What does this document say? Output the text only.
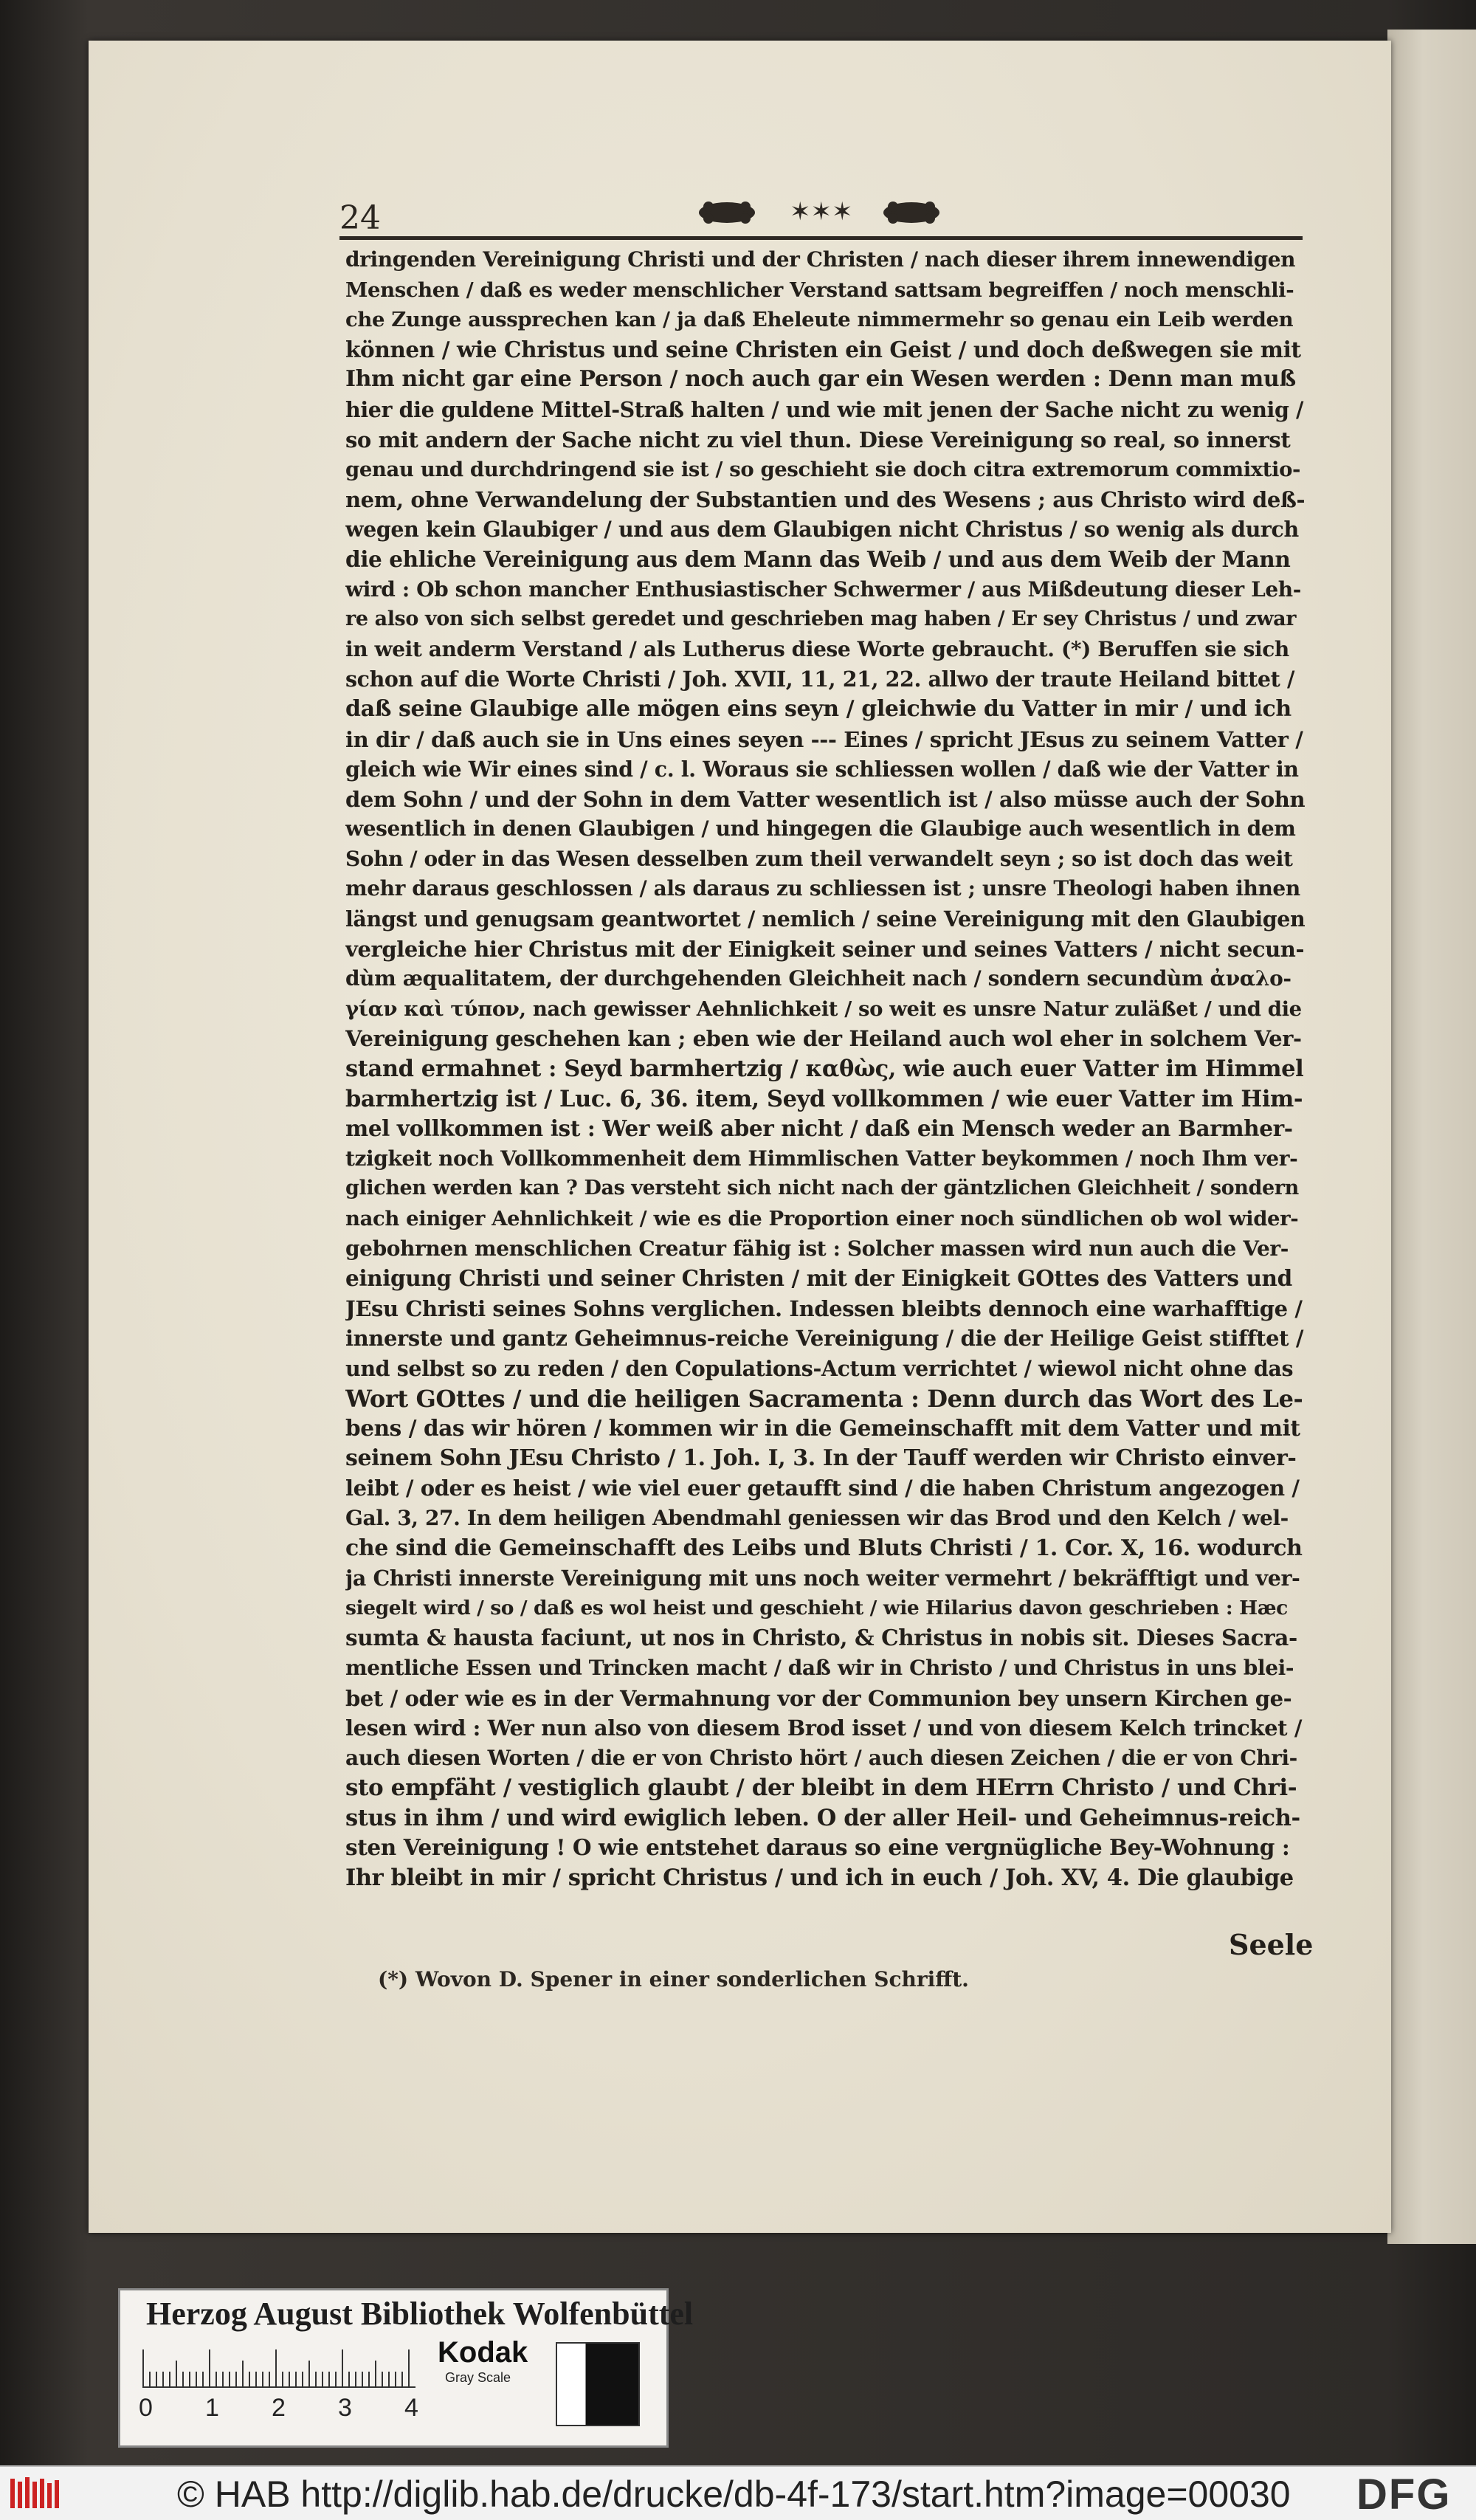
24	✶✶✶
dringenden Vereinigung Christi und der Christen / nach dieser ihrem innewendigen
Menschen / daß es weder menschlicher Verstand sattsam begreiffen / noch menschli-
che Zunge aussprechen kan / ja daß Eheleute nimmermehr so genau ein Leib werden
können / wie Christus und seine Christen ein Geist / und doch deßwegen sie mit
Ihm nicht gar eine Person / noch auch gar ein Wesen werden : Denn man muß
hier die guldene Mittel-Straß halten / und wie mit jenen der Sache nicht zu wenig /
so mit andern der Sache nicht zu viel thun. Diese Vereinigung so real, so innerst
genau und durchdringend sie ist / so geschieht sie doch citra extremorum commixtio-
nem, ohne Verwandelung der Substantien und des Wesens ; aus Christo wird deß-
wegen kein Glaubiger / und aus dem Glaubigen nicht Christus / so wenig als durch
die ehliche Vereinigung aus dem Mann das Weib / und aus dem Weib der Mann
wird : Ob schon mancher Enthusiastischer Schwermer / aus Mißdeutung dieser Leh-
re also von sich selbst geredet und geschrieben mag haben / Er sey Christus / und zwar
in weit anderm Verstand / als Lutherus diese Worte gebraucht. (*) Beruffen sie sich
schon auf die Worte Christi / Joh. XVII, 11, 21, 22. allwo der traute Heiland bittet /
daß seine Glaubige alle mögen eins seyn / gleichwie du Vatter in mir / und ich
in dir / daß auch sie in Uns eines seyen --- Eines / spricht JEsus zu seinem Vatter /
gleich wie Wir eines sind / c. l. Woraus sie schliessen wollen / daß wie der Vatter in
dem Sohn / und der Sohn in dem Vatter wesentlich ist / also müsse auch der Sohn
wesentlich in denen Glaubigen / und hingegen die Glaubige auch wesentlich in dem
Sohn / oder in das Wesen desselben zum theil verwandelt seyn ; so ist doch das weit
mehr daraus geschlossen / als daraus zu schliessen ist ; unsre Theologi haben ihnen
längst und genugsam geantwortet / nemlich / seine Vereinigung mit den Glaubigen
vergleiche hier Christus mit der Einigkeit seiner und seines Vatters / nicht secun-
dùm æqualitatem, der durchgehenden Gleichheit nach / sondern secundùm ἀναλο-
γίαν καὶ τύπον, nach gewisser Aehnlichkeit / so weit es unsre Natur zuläßet / und die
Vereinigung geschehen kan ; eben wie der Heiland auch wol eher in solchem Ver-
stand ermahnet : Seyd barmhertzig / καθὼς, wie auch euer Vatter im Himmel
barmhertzig ist / Luc. 6, 36. item, Seyd vollkommen / wie euer Vatter im Him-
mel vollkommen ist : Wer weiß aber nicht / daß ein Mensch weder an Barmher-
tzigkeit noch Vollkommenheit dem Himmlischen Vatter beykommen / noch Ihm ver-
glichen werden kan ? Das versteht sich nicht nach der gäntzlichen Gleichheit / sondern
nach einiger Aehnlichkeit / wie es die Proportion einer noch sündlichen ob wol wider-
gebohrnen menschlichen Creatur fähig ist : Solcher massen wird nun auch die Ver-
einigung Christi und seiner Christen / mit der Einigkeit GOttes des Vatters und
JEsu Christi seines Sohns verglichen. Indessen bleibts dennoch eine warhafftige /
innerste und gantz Geheimnus-reiche Vereinigung / die der Heilige Geist stifftet /
und selbst so zu reden / den Copulations-Actum verrichtet / wiewol nicht ohne das
Wort GOttes / und die heiligen Sacramenta : Denn durch das Wort des Le-
bens / das wir hören / kommen wir in die Gemeinschafft mit dem Vatter und mit
seinem Sohn JEsu Christo / 1. Joh. I, 3. In der Tauff werden wir Christo einver-
leibt / oder es heist / wie viel euer getaufft sind / die haben Christum angezogen /
Gal. 3, 27. In dem heiligen Abendmahl geniessen wir das Brod und den Kelch / wel-
che sind die Gemeinschafft des Leibs und Bluts Christi / 1. Cor. X, 16. wodurch
ja Christi innerste Vereinigung mit uns noch weiter vermehrt / bekräfftigt und ver-
siegelt wird / so / daß es wol heist und geschieht / wie Hilarius davon geschrieben : Hæc
sumta & hausta faciunt, ut nos in Christo, & Christus in nobis sit. Dieses Sacra-
mentliche Essen und Trincken macht / daß wir in Christo / und Christus in uns blei-
bet / oder wie es in der Vermahnung vor der Communion bey unsern Kirchen ge-
lesen wird : Wer nun also von diesem Brod isset / und von diesem Kelch trincket /
auch diesen Worten / die er von Christo hört / auch diesen Zeichen / die er von Chri-
sto empfäht / vestiglich glaubt / der bleibt in dem HErrn Christo / und Chri-
stus in ihm / und wird ewiglich leben. O der aller Heil- und Geheimnus-reich-
sten Vereinigung ! O wie entstehet daraus so eine vergnügliche Bey-Wohnung :
Ihr bleibt in mir / spricht Christus / und ich in euch / Joh. XV, 4. Die glaubige
Seele
(*) Wovon D. Spener in einer sonderlichen Schrifft.
Herzog August Bibliothek Wolfenbüttel
0 1 2 3 4
Kodak
Gray Scale
© HAB http://diglib.hab.de/drucke/db-4f-173/start.htm?image=00030 DFG
